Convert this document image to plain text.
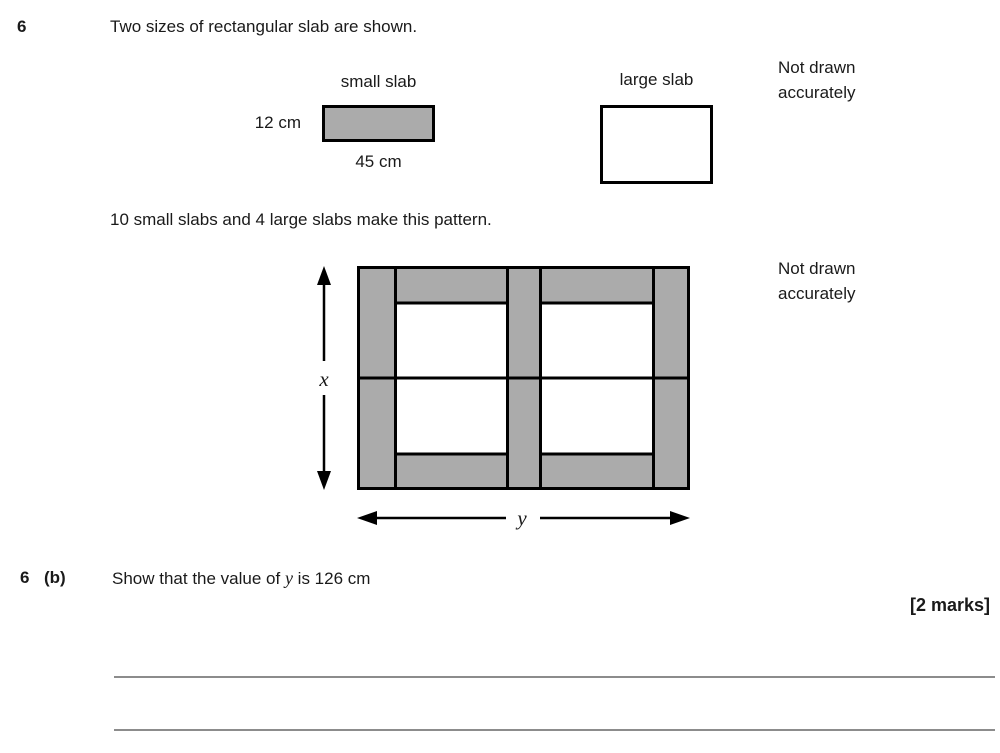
6	Two sizes of rectangular slab are shown.
small slab
12 cm
45 cm
large slab
Not drawn
accurately
10 small slabs and 4 large slabs make this pattern.
x
y
Not drawn
accurately
6 (b)	Show that the value of y is 126 cm
[2 marks]
